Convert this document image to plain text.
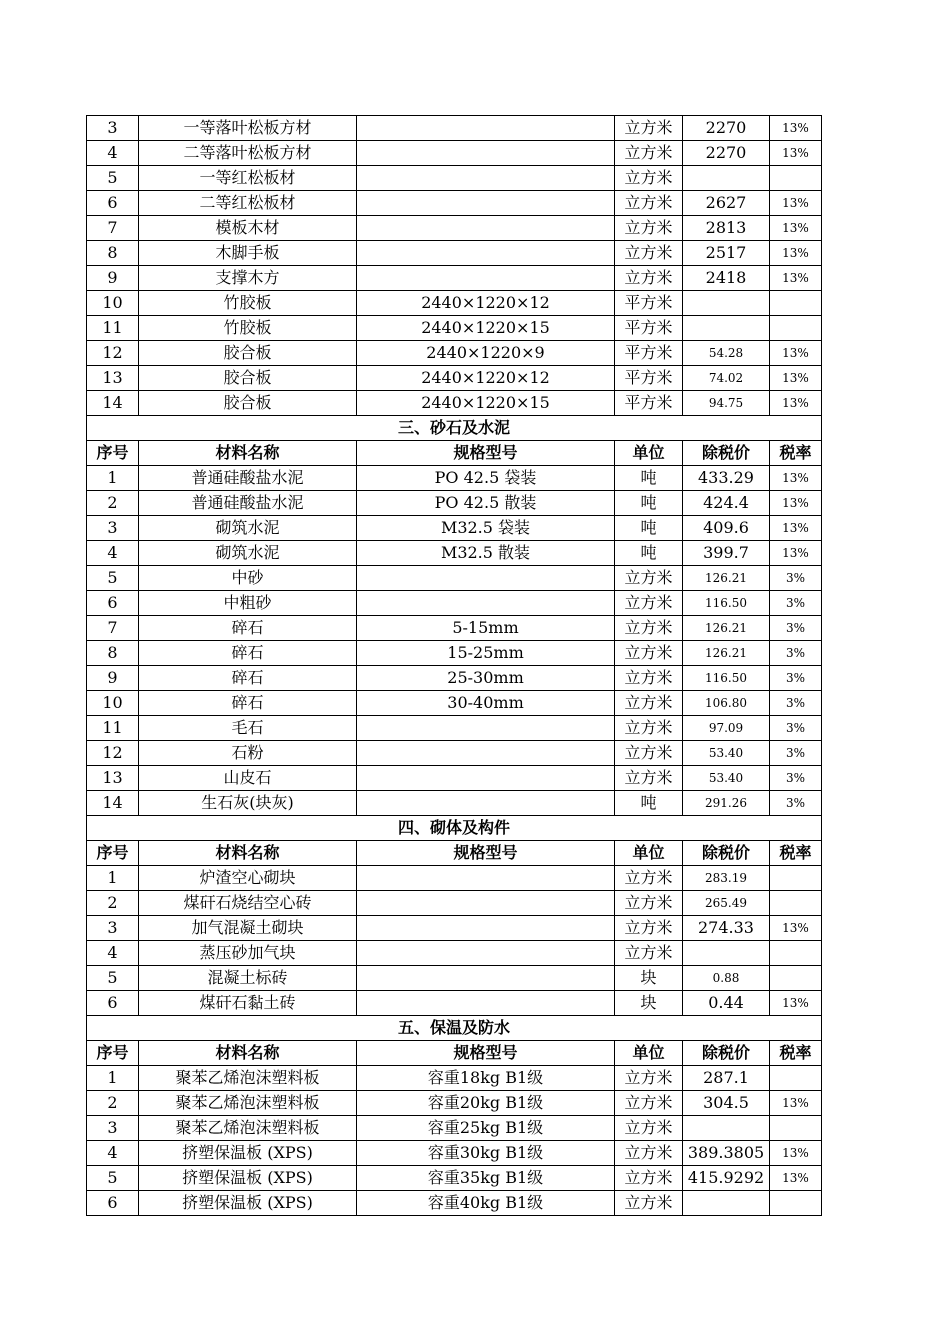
3	一等落叶松板方材		立方米	2270	13%
4	二等落叶松板方材		立方米	2270	13%
5	一等红松板材		立方米		
6	二等红松板材		立方米	2627	13%
7	模板木材		立方米	2813	13%
8	木脚手板		立方米	2517	13%
9	支撑木方		立方米	2418	13%
10	竹胶板	2440×1220×12	平方米		
11	竹胶板	2440×1220×15	平方米		
12	胶合板	2440×1220×9	平方米	54.28	13%
13	胶合板	2440×1220×12	平方米	74.02	13%
14	胶合板	2440×1220×15	平方米	94.75	13%
三、砂石及水泥					
序号	材料名称	规格型号	单位	除税价	税率
1	普通硅酸盐水泥	PO 42.5 袋装	吨	433.29	13%
2	普通硅酸盐水泥	PO 42.5 散装	吨	424.4	13%
3	砌筑水泥	M32.5 袋装	吨	409.6	13%
4	砌筑水泥	M32.5 散装	吨	399.7	13%
5	中砂		立方米	126.21	3%
6	中粗砂		立方米	116.50	3%
7	碎石	5-15mm	立方米	126.21	3%
8	碎石	15-25mm	立方米	126.21	3%
9	碎石	25-30mm	立方米	116.50	3%
10	碎石	30-40mm	立方米	106.80	3%
11	毛石		立方米	97.09	3%
12	石粉		立方米	53.40	3%
13	山皮石		立方米	53.40	3%
14	生石灰(块灰)		吨	291.26	3%
四、砌体及构件					
序号	材料名称	规格型号	单位	除税价	税率
1	炉渣空心砌块		立方米	283.19	
2	煤矸石烧结空心砖		立方米	265.49	
3	加气混凝土砌块		立方米	274.33	13%
4	蒸压砂加气块		立方米		
5	混凝土标砖		块	0.88	
6	煤矸石黏土砖		块	0.44	13%
五、保温及防水					
序号	材料名称	规格型号	单位	除税价	税率
1	聚苯乙烯泡沫塑料板	容重18kg B1级	立方米	287.1	
2	聚苯乙烯泡沫塑料板	容重20kg B1级	立方米	304.5	13%
3	聚苯乙烯泡沫塑料板	容重25kg B1级	立方米		
4	挤塑保温板 (XPS)	容重30kg B1级	立方米	389.3805	13%
5	挤塑保温板 (XPS)	容重35kg B1级	立方米	415.9292	13%
6	挤塑保温板 (XPS)	容重40kg B1级	立方米		
